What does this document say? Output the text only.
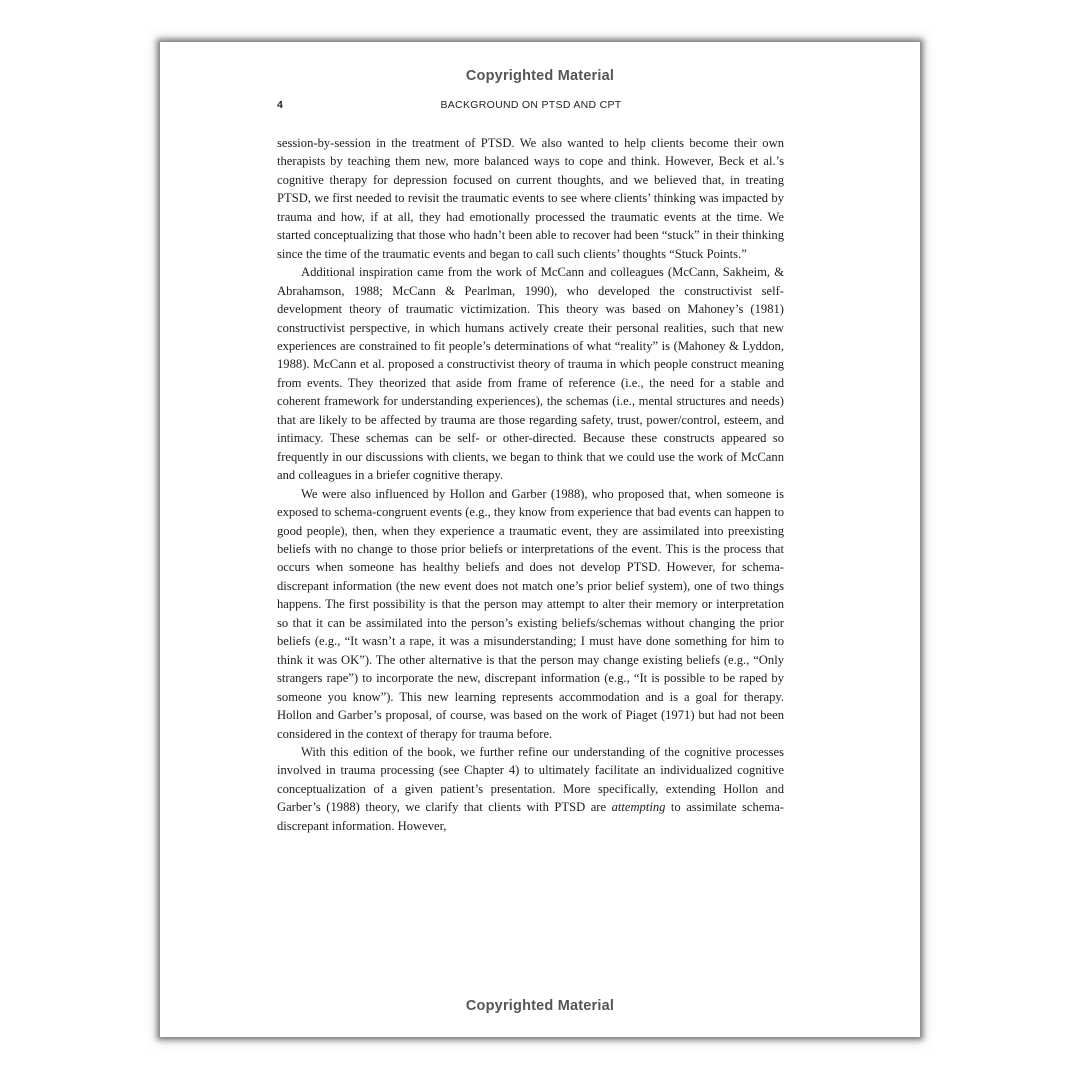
Copyrighted Material
4	BACKGROUND ON PTSD AND CPT

session-by-session in the treatment of PTSD. We also wanted to help clients become their own therapists by teaching them new, more balanced ways to cope and think. However, Beck et al.’s cognitive therapy for depression focused on current thoughts, and we believed that, in treating PTSD, we first needed to revisit the traumatic events to see where clients’ thinking was impacted by trauma and how, if at all, they had emotionally processed the traumatic events at the time. We started conceptualizing that those who hadn’t been able to recover had been “stuck” in their thinking since the time of the traumatic events and began to call such clients’ thoughts “Stuck Points.”

Additional inspiration came from the work of McCann and colleagues (McCann, Sakheim, & Abrahamson, 1988; McCann & Pearlman, 1990), who developed the constructivist self-development theory of traumatic victimization. This theory was based on Mahoney’s (1981) constructivist perspective, in which humans actively create their personal realities, such that new experiences are constrained to fit people’s determinations of what “reality” is (Mahoney & Lyddon, 1988). McCann et al. proposed a constructivist theory of trauma in which people construct meaning from events. They theorized that aside from frame of reference (i.e., the need for a stable and coherent framework for understanding experiences), the schemas (i.e., mental structures and needs) that are likely to be affected by trauma are those regarding safety, trust, power/​control, esteem, and intimacy. These schemas can be self- or other-directed. Because these constructs appeared so frequently in our discussions with clients, we began to think that we could use the work of McCann and colleagues in a briefer cognitive therapy.

We were also influenced by Hollon and Garber (1988), who proposed that, when someone is exposed to schema-congruent events (e.g., they know from experience that bad events can happen to good people), then, when they experience a traumatic event, they are assimilated into preexisting beliefs with no change to those prior beliefs or interpretations of the event. This is the process that occurs when someone has healthy beliefs and does not develop PTSD. However, for schema-discrepant information (the new event does not match one’s prior belief system), one of two things happens. The first possibility is that the person may attempt to alter their memory or interpretation so that it can be assimilated into the person’s existing beliefs/schemas without changing the prior beliefs (e.g., “It wasn’t a rape, it was a misunderstanding; I must have done something for him to think it was OK”). The other alternative is that the person may change existing beliefs (e.g., “Only strangers rape”) to incorporate the new, discrepant information (e.g., “It is possible to be raped by someone you know”). This new learning represents accommodation and is a goal for therapy. Hollon and Garber’s proposal, of course, was based on the work of Piaget (1971) but had not been considered in the context of therapy for trauma before.

With this edition of the book, we further refine our understanding of the cognitive processes involved in trauma processing (see Chapter 4) to ultimately facilitate an individualized cognitive conceptualization of a given patient’s presentation. More specifically, extending Hollon and Garber’s (1988) theory, we clarify that clients with PTSD are attempting to assimilate schema-discrepant information. However,

Copyrighted Material
